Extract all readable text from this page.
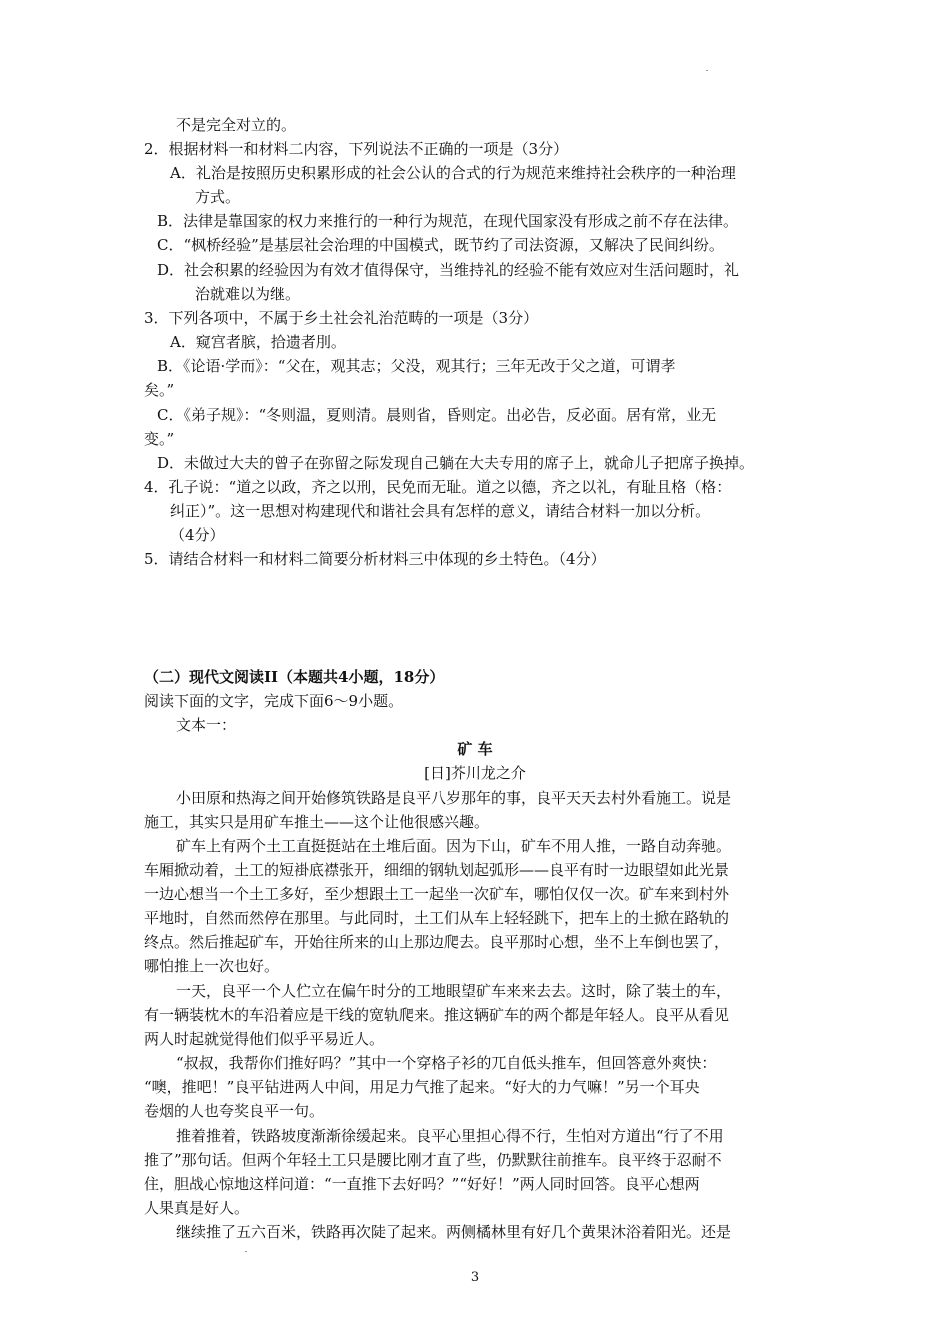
不是完全对立的。
2．根据材料一和材料二内容，下列说法不正确的一项是（3分）
A．礼治是按照历史积累形成的社会公认的合式的行为规范来维持社会秩序的一种治理
方式。
B．法律是靠国家的权力来推行的一种行为规范，在现代国家没有形成之前不存在法律。
C．“枫桥经验”是基层社会治理的中国模式，既节约了司法资源，又解决了民间纠纷。
D．社会积累的经验因为有效才值得保守，当维持礼的经验不能有效应对生活问题时，礼
治就难以为继。
3．下列各项中，不属于乡土社会礼治范畴的一项是（3分）
A．窥宫者膑，拾遗者刖。
B．《论语·学而》：“父在，观其志；父没，观其行；三年无改于父之道，可谓孝
矣。”
C．《弟子规》：“冬则温，夏则清。晨则省，昏则定。出必告，反必面。居有常，业无
变。”
D．未做过大夫的曾子在弥留之际发现自己躺在大夫专用的席子上，就命儿子把席子换掉。
4．孔子说：“道之以政，齐之以刑，民免而无耻。道之以德，齐之以礼，有耻且格（格：
纠正）”。这一思想对构建现代和谐社会具有怎样的意义，请结合材料一加以分析。
（4分）
5．请结合材料一和材料二简要分析材料三中体现的乡土特色。（4分）
（二）现代文阅读II（本题共4小题，18分）
阅读下面的文字，完成下面6～9小题。
文本一：
矿 车
[日]芥川龙之介
小田原和热海之间开始修筑铁路是良平八岁那年的事，良平天天去村外看施工。说是
施工，其实只是用矿车推土——这个让他很感兴趣。
矿车上有两个土工直挺挺站在土堆后面。因为下山，矿车不用人推，一路自动奔驰。
车厢掀动着，土工的短褂底襟张开，细细的钢轨划起弧形——良平有时一边眼望如此光景
一边心想当一个土工多好，至少想跟土工一起坐一次矿车，哪怕仅仅一次。矿车来到村外
平地时，自然而然停在那里。与此同时，土工们从车上轻轻跳下，把车上的土掀在路轨的
终点。然后推起矿车，开始往所来的山上那边爬去。良平那时心想，坐不上车倒也罢了，
哪怕推上一次也好。
一天，良平一个人伫立在偏午时分的工地眼望矿车来来去去。这时，除了装土的车，
有一辆装枕木的车沿着应是干线的宽轨爬来。推这辆矿车的两个都是年轻人。良平从看见
两人时起就觉得他们似乎平易近人。
“叔叔，我帮你们推好吗？”其中一个穿格子衫的兀自低头推车，但回答意外爽快：
“噢，推吧！”良平钻进两人中间，用足力气推了起来。“好大的力气嘛！”另一个耳央
卷烟的人也夸奖良平一句。
推着推着，铁路坡度渐渐徐缓起来。良平心里担心得不行，生怕对方道出“行了不用
推了”那句话。但两个年轻土工只是腰比刚才直了些，仍默默往前推车。良平终于忍耐不
住，胆战心惊地这样问道：“一直推下去好吗？”“好好！”两人同时回答。良平心想两
人果真是好人。
继续推了五六百米，铁路再次陡了起来。两侧橘林里有好几个黄果沐浴着阳光。还是
3
